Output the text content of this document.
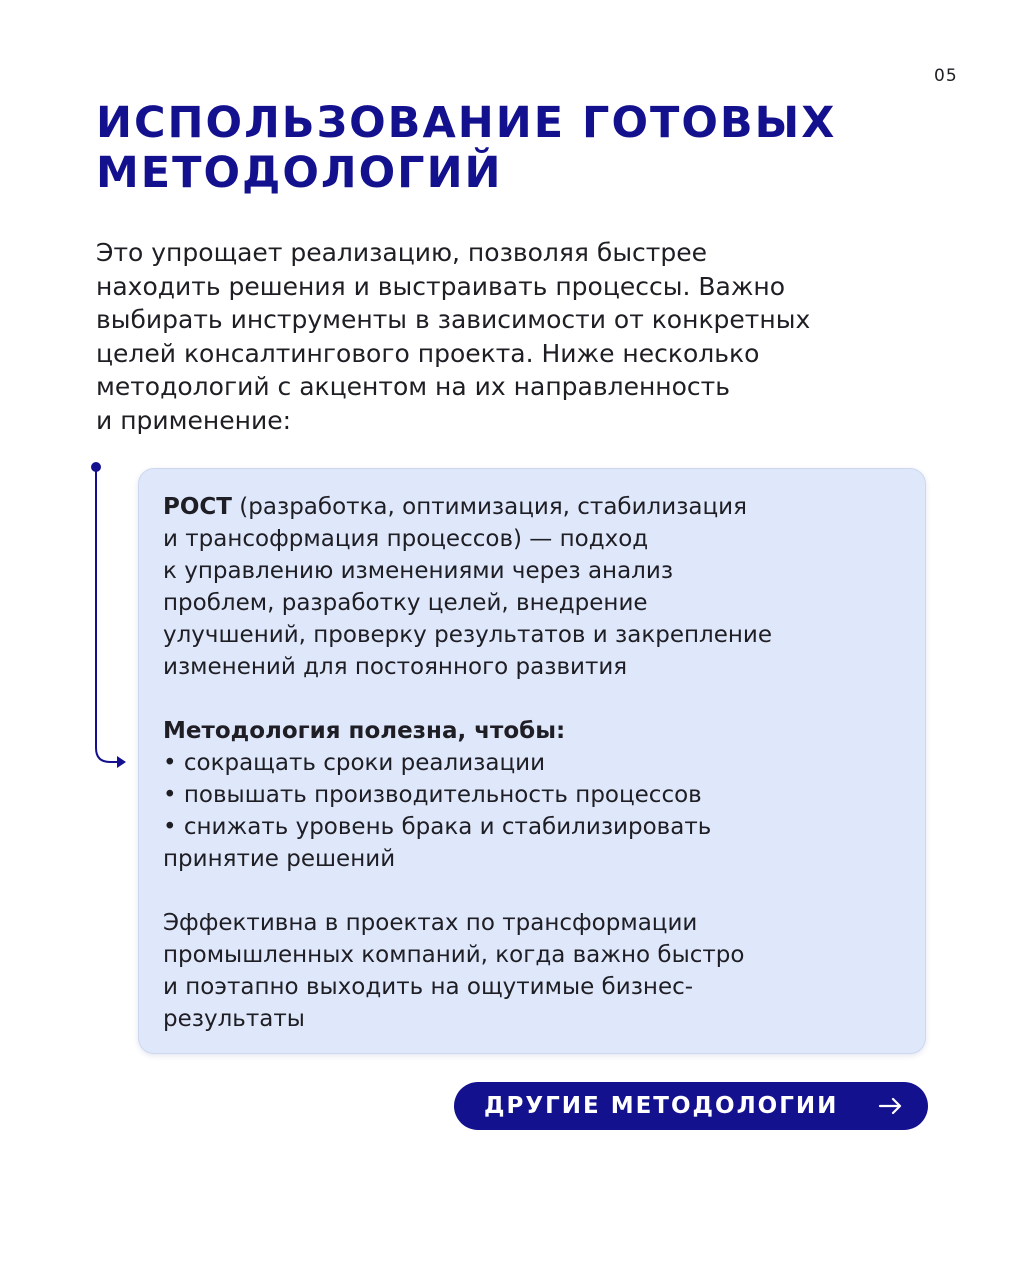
05
ИСПОЛЬЗОВАНИЕ ГОТОВЫХ
МЕТОДОЛОГИЙ

Это упрощает реализацию, позволяя быстрее
находить решения и выстраивать процессы. Важно
выбирать инструменты в зависимости от конкретных
целей консалтингового проекта. Ниже несколько
методологий с акцентом на их направленность
и применение:

РОСТ (разработка, оптимизация, стабилизация
и трансофрмация процессов) — подход
к управлению изменениями через анализ
проблем, разработку целей, внедрение
улучшений, проверку результатов и закрепление
изменений для постоянного развития
Методология полезна, чтобы:
• сокращать сроки реализации
• повышать производительность процессов
• снижать уровень брака и стабилизировать
принятие решений
Эффективна в проектах по трансформации
промышленных компаний, когда важно быстро
и поэтапно выходить на ощутимые бизнес-
результаты
ДРУГИЕ МЕТОДОЛОГИИ
